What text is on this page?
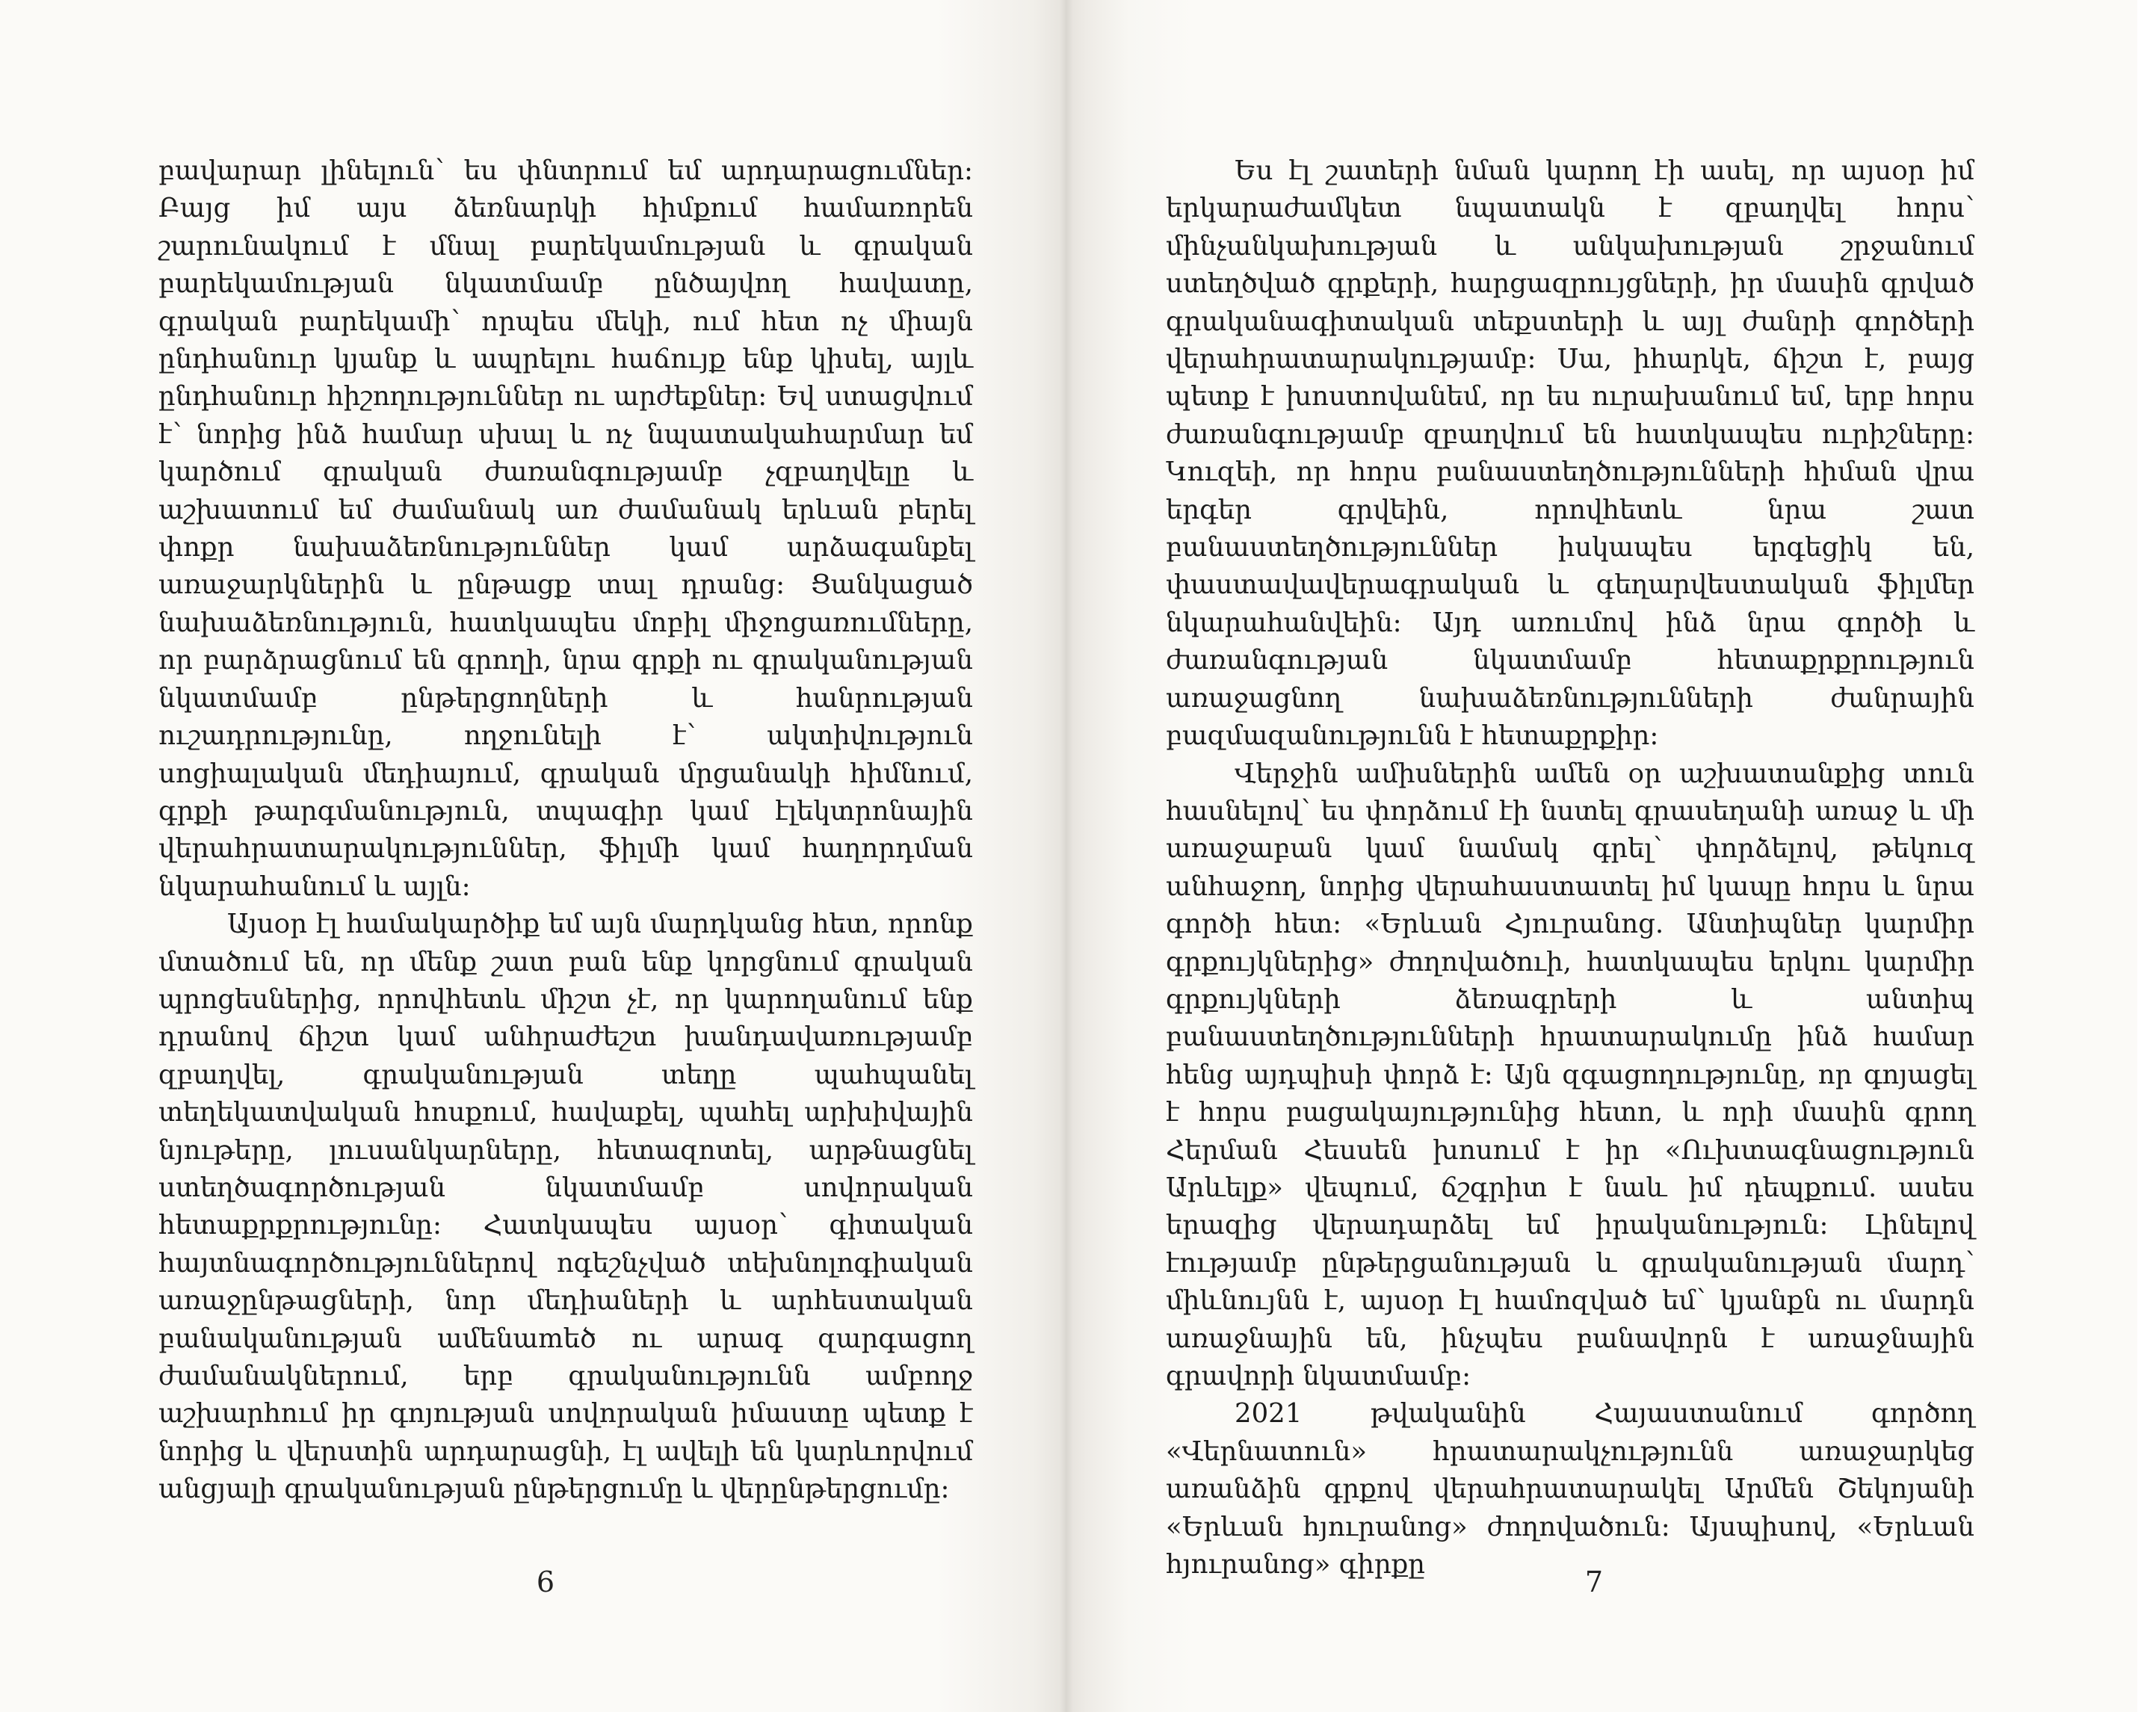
բավարար լինելուն՝ ես փնտրում եմ արդարացումներ: Բայց իմ այս ձեռնարկի հիմքում համառորեն շարունակում է մնալ բարեկամության և գրական բարեկամության նկատմամբ ընծայվող հավատը, գրական բարեկամի՝ որպես մեկի, ում հետ ոչ միայն ընդհանուր կյանք և ապրելու հաճույք ենք կիսել, այլև ընդհանուր հիշողություններ ու արժեքներ: Եվ ստացվում է՝ նորից ինձ համար սխալ և ոչ նպատակահարմար եմ կարծում գրական ժառանգությամբ չզբաղվելը և աշխատում եմ ժամանակ առ ժամանակ երևան բերել փոքր նախաձեռնություններ կամ արձագանքել առաջարկներին և ընթացք տալ դրանց: Ցանկացած նախաձեռնություն, հատկապես մոբիլ միջոցառումները, որ բարձրացնում են գրողի, նրա գրքի ու գրականության նկատմամբ ընթերցողների և հանրության ուշադրությունը, ողջունելի է՝ ակտիվություն սոցիալական մեդիայում, գրական մրցանակի հիմնում, գրքի թարգմանություն, տպագիր կամ էլեկտրոնային վերահրատարակություններ, ֆիլմի կամ հաղորդման նկարահանում և այլն:

Այսօր էլ համակարծիք եմ այն մարդկանց հետ, որոնք մտածում են, որ մենք շատ բան ենք կորցնում գրական պրոցեսներից, որովհետև միշտ չէ, որ կարողանում ենք դրանով ճիշտ կամ անհրաժեշտ խանդավառությամբ զբաղվել, գրականության տեղը պահպանել տեղեկատվական հոսքում, հավաքել, պահել արխիվային նյութերը, լուսանկարները, հետազոտել, արթնացնել ստեղծագործության նկատմամբ սովորական հետաքրքրությունը: Հատկապես այսօր՝ գիտական հայտնագործություններով ոգեշնչված տեխնոլոգիական առաջընթացների, նոր մեդիաների և արհեստական բանականության ամենաmեծ ու արագ զարգացող ժամանակներում, երբ գրականությունն ամբողջ աշխարհում իր գոյության սովորական իմաստը պետք է նորից և վերստին արդարացնի, էլ ավելի են կարևորվում անցյալի գրականության ընթերցումը և վերընթերցումը:

6

Ես էլ շատերի նման կարող էի ասել, որ այսօր իմ երկարաժամկետ նպատակն է զբաղվել հորս՝ մինչանկախության և անկախության շրջանում ստեղծված գրքերի, հարցազրույցների, իր մասին գրված գրականագիտական տեքստերի և այլ ժանրի գործերի վերահրատարակությամբ: Սա, իհարկե, ճիշտ է, բայց պետք է խոստովանեմ, որ ես ուրախանում եմ, երբ հորս ժառանգությամբ զբաղվում են հատկապես ուրիշները: Կուզեի, որ հորս բանաստեղծությունների հիման վրա երգեր գրվեին, որովհետև նրա շատ բանաստեղծություններ իսկապես երգեցիկ են, փաստավավերագրական և գեղարվեստական ֆիլմեր նկարահանվեին: Այդ առումով ինձ նրա գործի և ժառանգության նկատմամբ հետաքրքրություն առաջացնող նախաձեռնությունների ժանրային բազմազանությունն է հետաքրքիր:

Վերջին ամիսներին ամեն օր աշխատանքից տուն հասնելով՝ ես փորձում էի նստել գրասեղանի առաջ և մի առաջաբան կամ նամակ գրել՝ փորձելով, թեկուզ անհաջող, նորից վերահաստատել իմ կապը հորս և նրա գործի հետ: «Երևան Հյուրանոց. Անտիպներ կարմիր գրքույկներից» ժողովածուի, հատկապես երկու կարմիր գրքույկների ձեռագրերի և անտիպ բանաստեղծությունների հրատարակումը ինձ համար հենց այդպիսի փորձ է: Այն զգացողությունը, որ գոյացել է հորս բացակայությունից հետո, և որի մասին գրող Հերման Հեսսեն խոսում է իր «Ուխտագնացություն Արևելք» վեպում, ճշգրիտ է նաև իմ դեպքում. ասես երազից վերադարձել եմ իրականություն: Լինելով էությամբ ընթերցանության և գրականության մարդ՝ միևնույնն է, այսօր էլ համոզված եմ՝ կյանքն ու մարդն առաջնային են, ինչպես բանավորն է առաջնային գրավորի նկատմամբ:

2021 թվականին Հայաստանում գործող «Վերնատուն» հրատարակչությունն առաջարկեց առանձին գրքով վերահրատարակել Արմեն Շեկոյանի «Երևան հյուրանոց» ժողովածուն: Այսպիսով, «Երևան հյուրանոց» գիրքը

7
